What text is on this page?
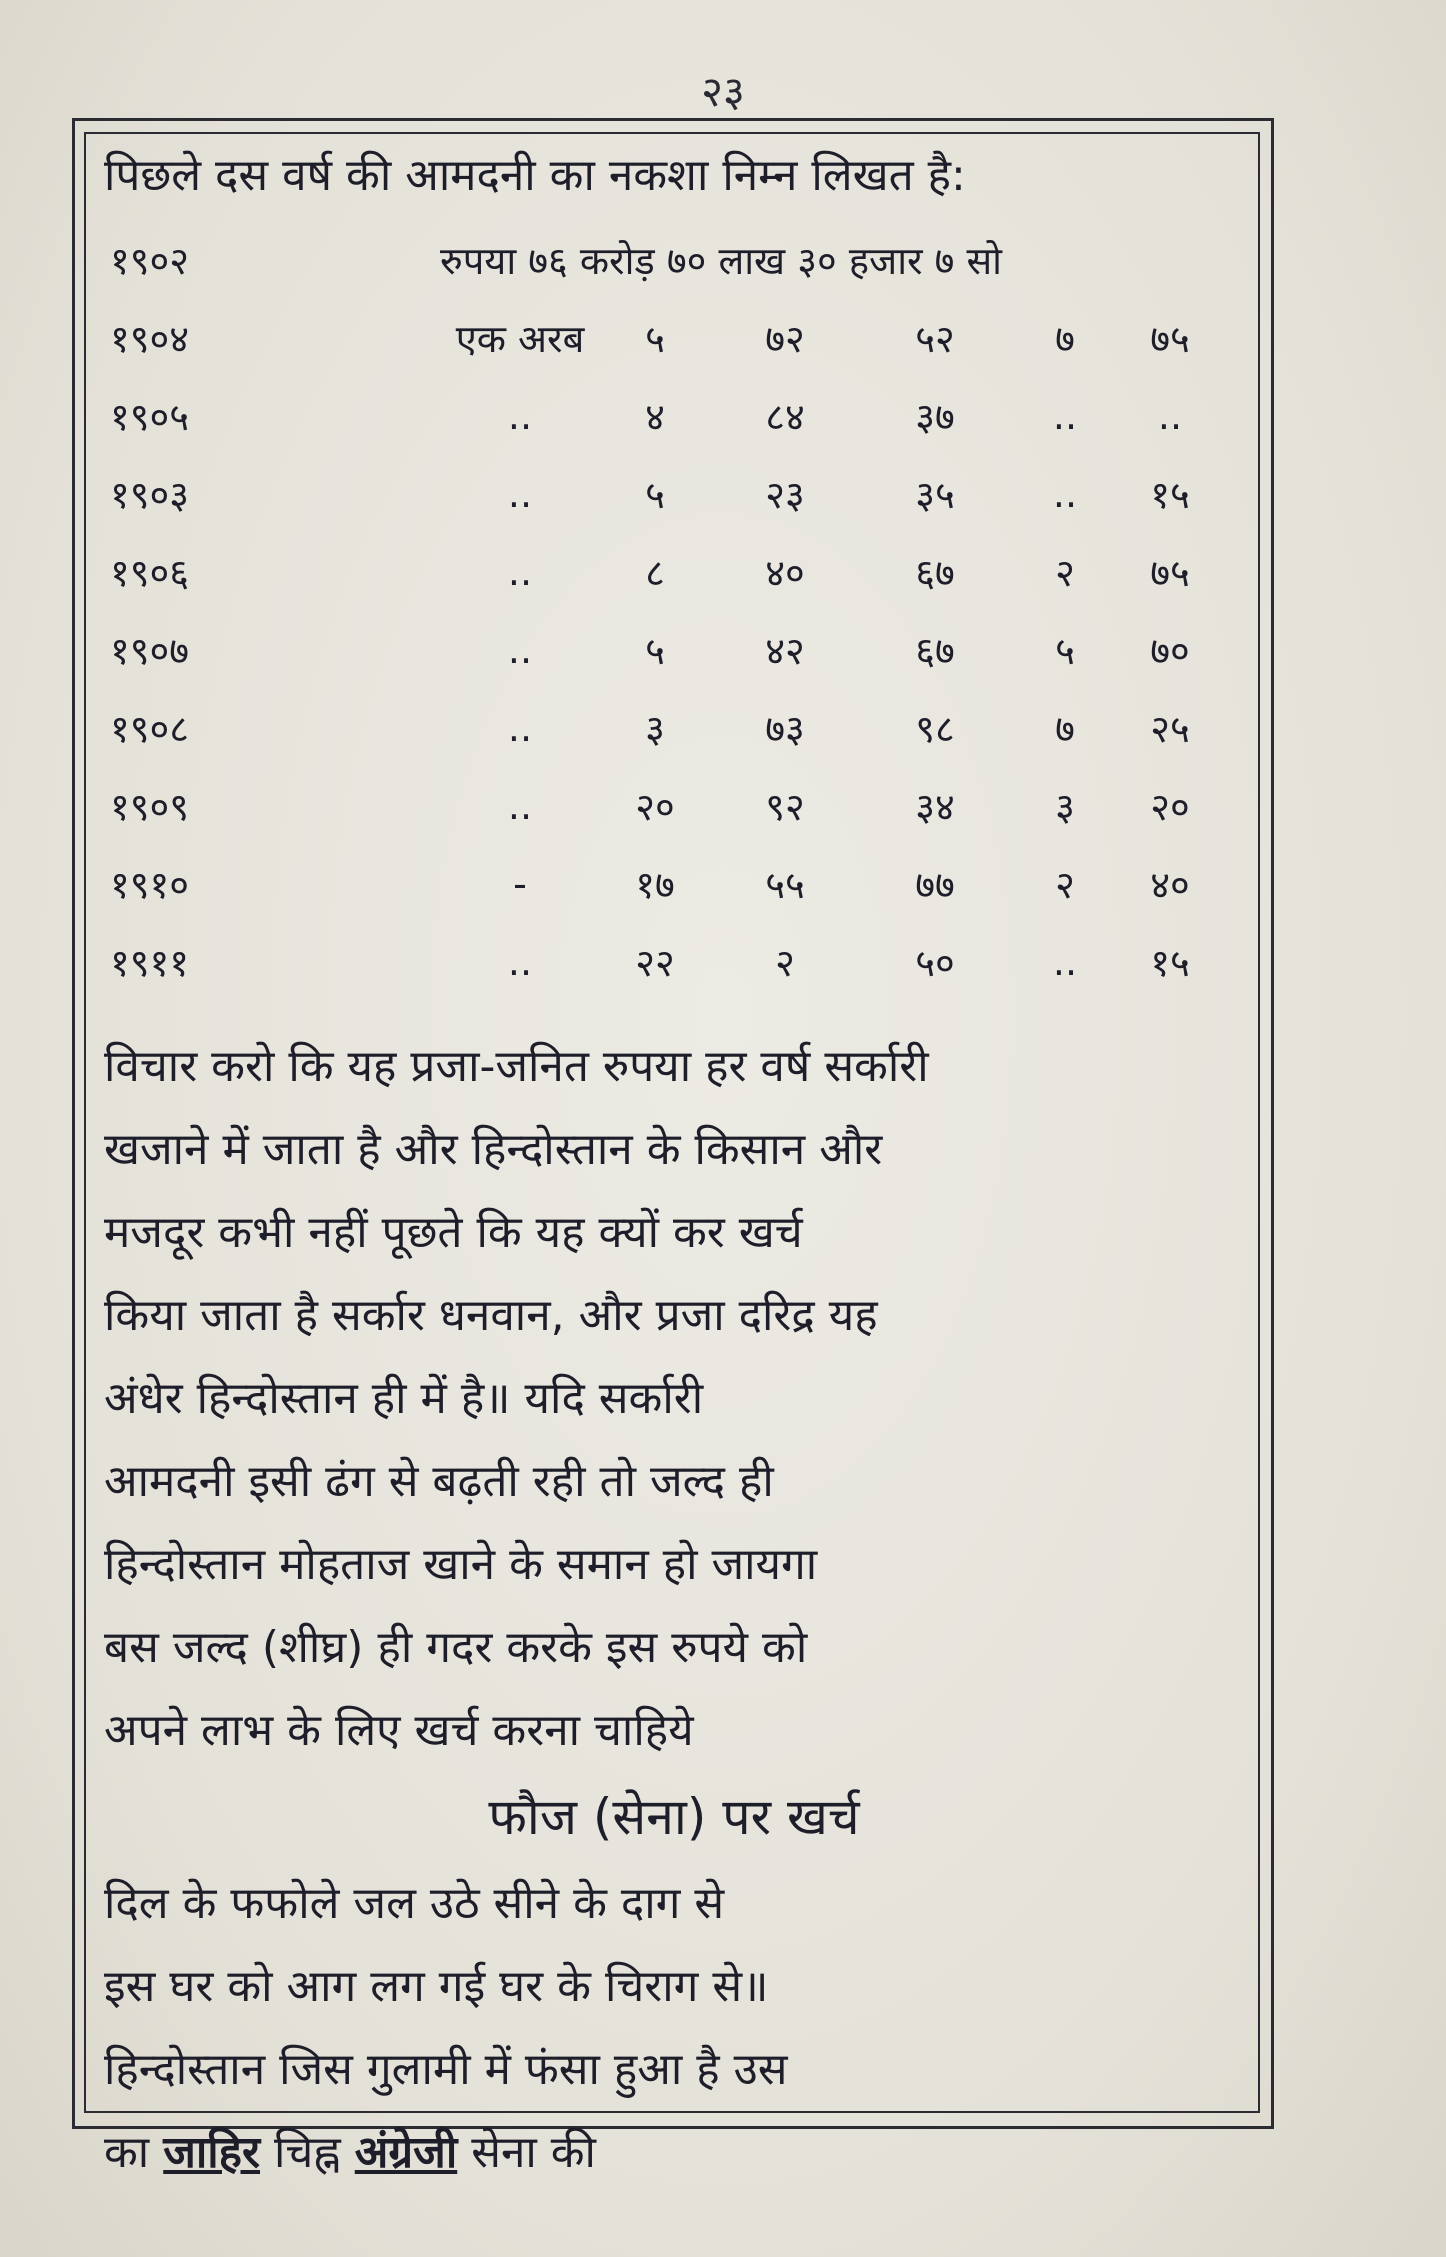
२३
पिछले दस वर्ष की आमदनी का नकशा निम्न लिखत है:
१९०२	रुपया ७६ करोड़ ७० लाख ३० हजार ७ सो
१९०४	एक अरब	५	७२	५२	७	७५
१९०५	..	४	८४	३७	..	..
१९०३	..	५	२३	३५	..	१५
१९०६	..	८	४०	६७	२	७५
१९०७	..	५	४२	६७	५	७०
१९०८	..	३	७३	९८	७	२५
१९०९	..	२०	९२	३४	३	२०
१९१०	-	१७	५५	७७	२	४०
१९११	..	२२	२	५०	..	१५
विचार करो कि यह प्रजा-जनित रुपया हर वर्ष सर्कारी
खजाने में जाता है और हिन्दोस्तान के किसान और
मजदूर कभी नहीं पूछते कि यह क्यों कर खर्च
किया जाता है सर्कार धनवान, और प्रजा दरिद्र यह
अंधेर हिन्दोस्तान ही में है॥ यदि सर्कारी
आमदनी इसी ढंग से बढ़ती रही तो जल्द ही
हिन्दोस्तान मोहताज खाने के समान हो जायगा
बस जल्द (शीघ्र) ही गदर करके इस रुपये को
अपने लाभ के लिए खर्च करना चाहिये
फौज (सेना) पर खर्च
दिल के फफोले जल उठे सीने के दाग से
इस घर को आग लग गई घर के चिराग से॥
हिन्दोस्तान जिस गुलामी में फंसा हुआ है उस
का जाहिर चिह्न अंग्रेजी सेना की
